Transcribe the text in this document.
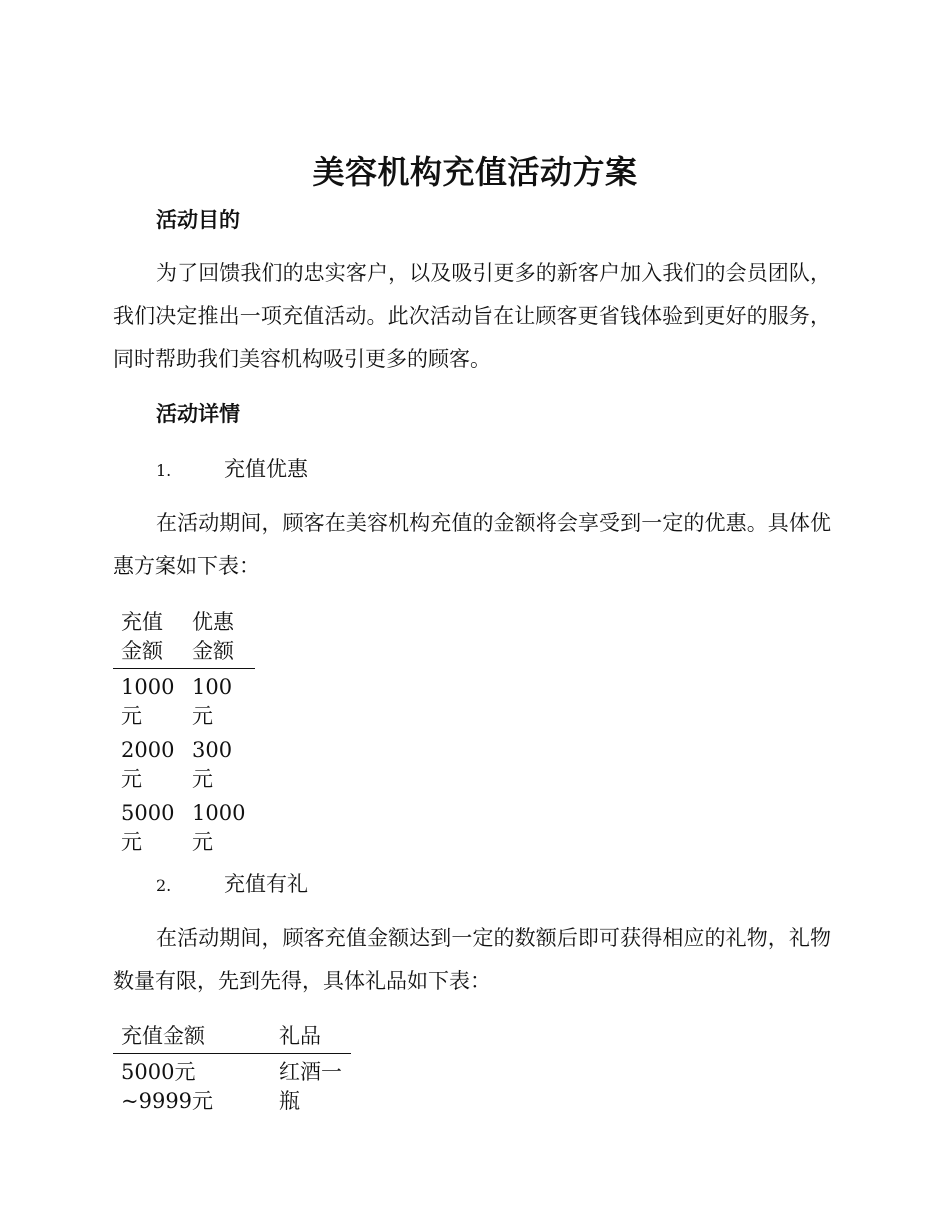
美容机构充值活动方案
活动目的

为了回馈我们的忠实客户，以及吸引更多的新客户加入我们的会员团队，我们决定推出一项充值活动。此次活动旨在让顾客更省钱体验到更好的服务，同时帮助我们美容机构吸引更多的顾客。

活动详情
1.	充值优惠

在活动期间，顾客在美容机构充值的金额将会享受到一定的优惠。具体优惠方案如下表：

充值金额	优惠金额
1000元	100元
2000元	300元
5000元	1000元
2.	充值有礼

在活动期间，顾客充值金额达到一定的数额后即可获得相应的礼物，礼物数量有限，先到先得，具体礼品如下表：

充值金额	礼品
5000元~9999元	红酒一瓶
